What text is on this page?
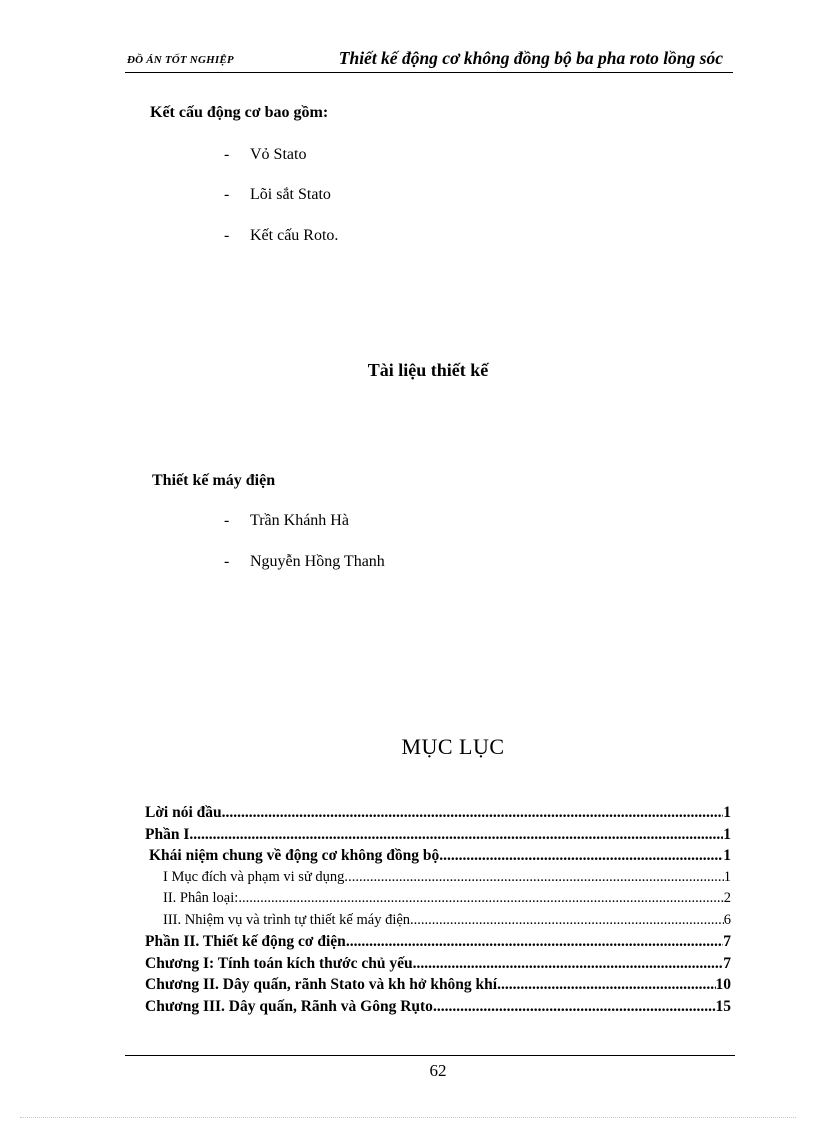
ĐỒ ÁN TỐT NGHIỆP	Thiết kế động cơ không đồng bộ ba pha roto lồng sóc
Kết cấu động cơ bao gồm:
- Vỏ Stato
- Lõi sắt Stato
- Kết cấu Roto.
Tài liệu thiết kế
Thiết kế máy điện
- Trần Khánh Hà
- Nguyễn Hồng Thanh
MỤC LỤC
Lời nói đầu .....	1
Phần I. .....	1
Khái niệm chung về động cơ không đồng bộ. .....	1
I Mục đích và phạm vi sử dụng. .....	1
II. Phân loại: .....	2
III. Nhiệm vụ và trình tự thiết kế máy điện. .....	6
Phần II. Thiết kế động cơ điện .....	7
Chương I: Tính toán kích thước chủ yếu. .....	7
Chương II. Dây quấn, rãnh Stato và kh hở không khí .....	10
Chương III. Dây quấn, Rãnh và Gông Rụto .....	15
62
